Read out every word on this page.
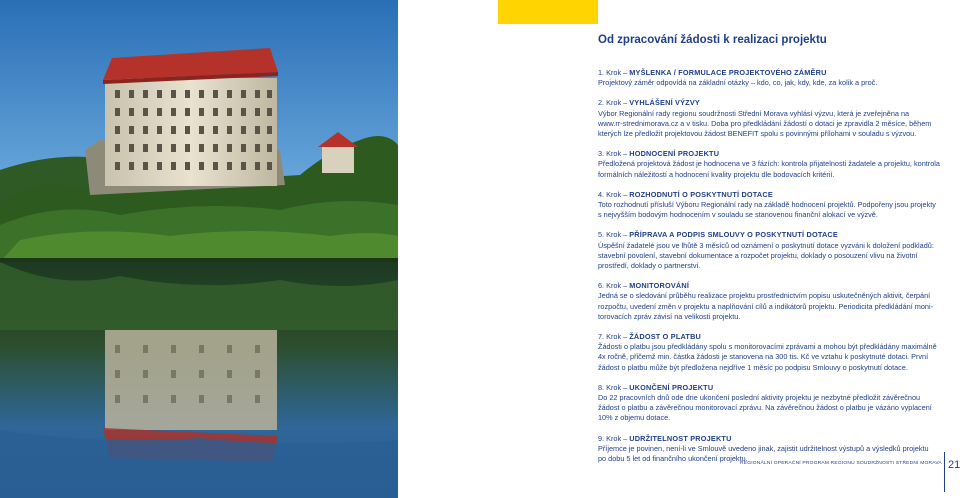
Od zpracování žádosti k realizaci projektu
1. Krok – MYŠLENKA / FORMULACE PROJEKTOVÉHO ZÁMĚRU
Projektový záměr odpovídá na základní otázky – kdo, co, jak, kdy, kde, za kolik a proč.
2. Krok – VYHLÁŠENÍ VÝZVY
Výbor Regionální rady regionu soudržnosti Střední Morava vyhlásí výzvu, která je zveřejněna na
www.rr-strednimorava.cz a v tisku. Doba pro předkládání žádostí o dotaci je zpravidla 2 měsíce, během
kterých lze předložit projektovou žádost BENEFIT spolu s povinnými přílohami v souladu s výzvou.
3. Krok – HODNOCENÍ PROJEKTU
Předložená projektová žádost je hodnocena ve 3 fázích: kontrola přijatelnosti žadatele a projektu, kontrola
formálních náležitostí a hodnocení kvality projektu dle bodovacích kritérií.
4. Krok – ROZHODNUTÍ O POSKYTNUTÍ DOTACE
Toto rozhodnutí přísluší Výboru Regionální rady na základě hodnocení projektů. Podpořeny jsou projekty
s nejvyšším bodovým hodnocením v souladu se stanovenou finanční alokací ve výzvě.
5. Krok – PŘÍPRAVA A PODPIS SMLOUVY O POSKYTNUTÍ DOTACE
Úspěšní žadatelé jsou ve lhůtě 3 měsíců od oznámení o poskytnutí dotace vyzváni k doložení podkladů:
stavební povolení, stavební dokumentace a rozpočet projektu, doklady o posouzení vlivu na životní
prostředí, doklady o partnerství.
6. Krok – MONITOROVÁNÍ
Jedná se o sledování průběhu realizace projektu prostřednictvím popisu uskutečněných aktivit, čerpání
rozpočtu, uvedení změn v projektu a naplňování cílů a indikátorů projektu. Periodicita předkládání moni-
torovacích zpráv závisí na velikosti projektu.
7. Krok – ŽÁDOST O PLATBU
Žádosti o platbu jsou předkládány spolu s monitorovacími zprávami a mohou být předkládány maximálně
4x ročně, přičemž min. částka žádosti je stanovena na 300 tis. Kč ve vztahu k poskytnuté dotaci. První
žádost o platbu může být předložena nejdříve 1 měsíc po podpisu Smlouvy o poskytnutí dotace.
8. Krok – UKONČENÍ PROJEKTU
Do 22 pracovních dnů ode dne ukončení poslední aktivity projektu je nezbytné předložit závěrečnou
žádost o platbu a závěrečnou monitorovací zprávu. Na závěrečnou žádost o platbu je vázáno vyplacení
10% z objemu dotace.
9. Krok – UDRŽITELNOST PROJEKTU
Příjemce je povinen, není-li ve Smlouvě uvedeno jinak, zajistit udržitelnost výstupů a výsledků projektu
po dobu 5 let od finančního ukončení projektu.
REGIONÁLNÍ OPERAČNÍ PROGRAM REGIONU SOUDRŽNOSTI STŘEDNÍ MORAVA 21
